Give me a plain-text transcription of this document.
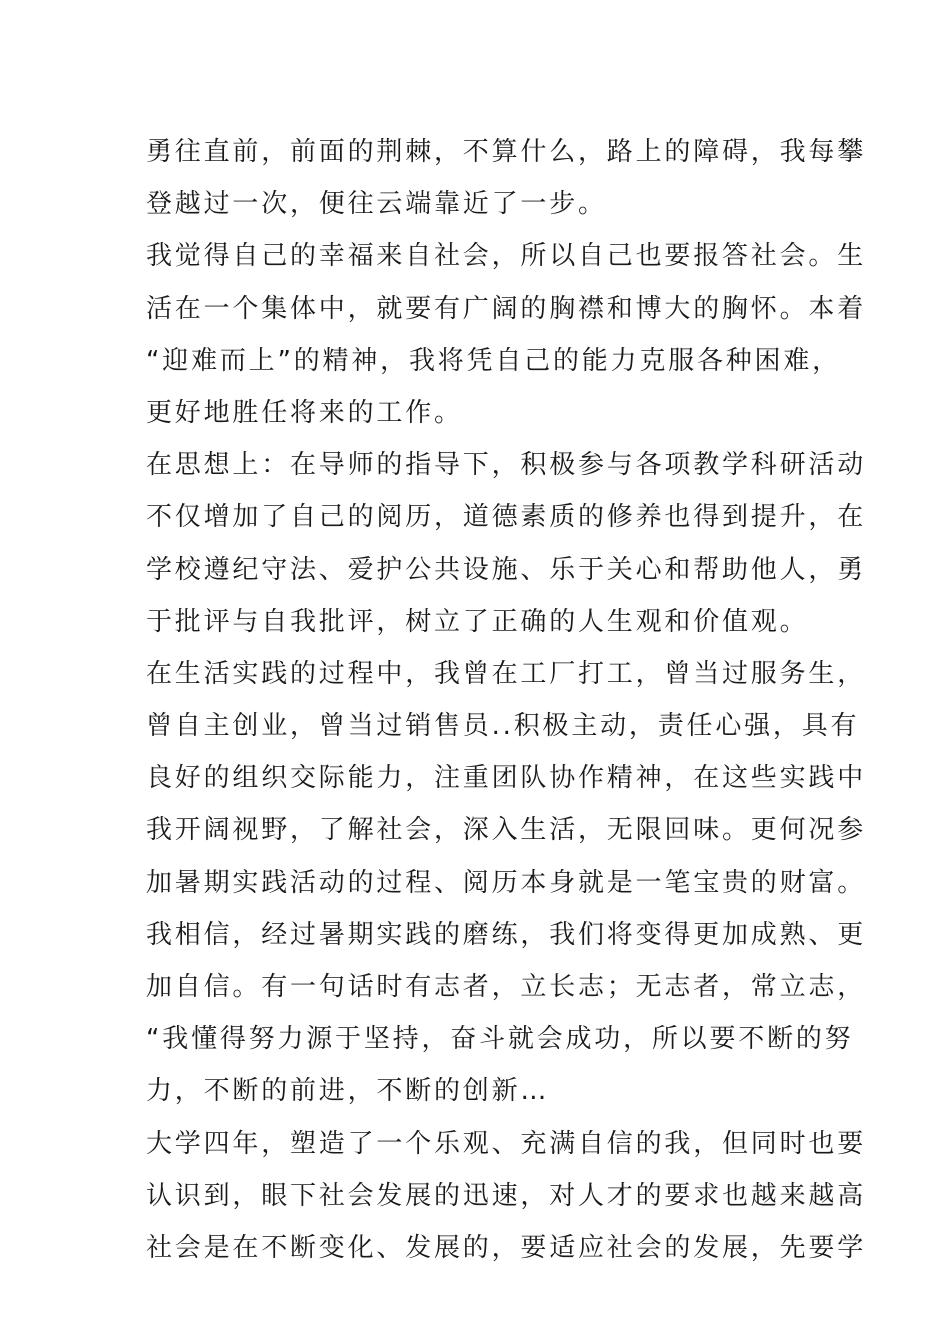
勇往直前，前面的荆棘，不算什么，路上的障碍，我每攀
登越过一次，便往云端靠近了一步。
我觉得自己的幸福来自社会，所以自己也要报答社会。生
活在一个集体中，就要有广阔的胸襟和博大的胸怀。本着
“迎难而上”的精神，我将凭自己的能力克服各种困难，
更好地胜任将来的工作。
在思想上：在导师的指导下，积极参与各项教学科研活动
不仅增加了自己的阅历，道德素质的修养也得到提升，在
学校遵纪守法、爱护公共设施、乐于关心和帮助他人，勇
于批评与自我批评，树立了正确的人生观和价值观。
在生活实践的过程中，我曾在工厂打工，曾当过服务生，
曾自主创业，曾当过销售员..积极主动，责任心强，具有
良好的组织交际能力，注重团队协作精神，在这些实践中
我开阔视野，了解社会，深入生活，无限回味。更何况参
加暑期实践活动的过程、阅历本身就是一笔宝贵的财富。
我相信，经过暑期实践的磨练，我们将变得更加成熟、更
加自信。有一句话时有志者，立长志；无志者，常立志，
“我懂得努力源于坚持，奋斗就会成功，所以要不断的努
力，不断的前进，不断的创新…
大学四年，塑造了一个乐观、充满自信的我，但同时也要
认识到，眼下社会发展的迅速，对人才的要求也越来越高
社会是在不断变化、发展的，要适应社会的发展，先要学
